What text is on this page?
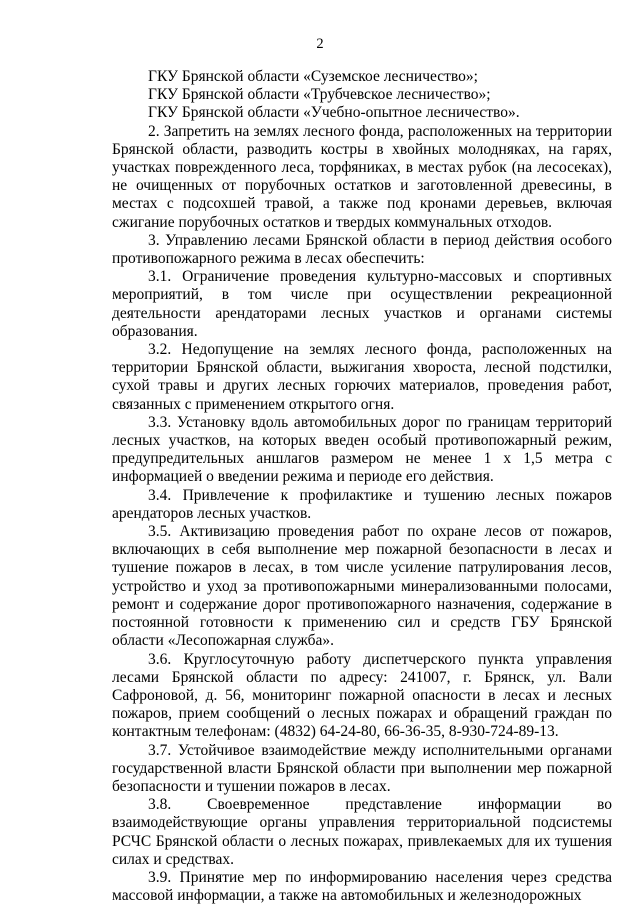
2

ГКУ Брянской области «Суземское лесничество»;

ГКУ Брянской области «Трубчевское лесничество»;

ГКУ Брянской области «Учебно-опытное лесничество».

2. Запретить на землях лесного фонда, расположенных на территории Брянской области, разводить костры в хвойных молодняках, на гарях, участках поврежденного леса, торфяниках, в местах рубок (на лесосеках), не очищенных от порубочных остатков и заготовленной древесины, в местах с подсохшей травой, а также под кронами деревьев, включая сжигание порубочных остатков и твердых коммунальных отходов.

3. Управлению лесами Брянской области в период действия особого противопожарного режима в лесах обеспечить:

3.1. Ограничение проведения культурно-массовых и спортивных мероприятий, в том числе при осуществлении рекреационной деятельности арендаторами лесных участков и органами системы образования.

3.2. Недопущение на землях лесного фонда, расположенных на территории Брянской области, выжигания хвороста, лесной подстилки, сухой травы и других лесных горючих материалов, проведения работ, связанных с применением открытого огня.

3.3. Установку вдоль автомобильных дорог по границам территорий лесных участков, на которых введен особый противопожарный режим, предупредительных аншлагов размером не менее 1 х 1,5 метра с информацией о введении режима и периоде его действия.

3.4. Привлечение к профилактике и тушению лесных пожаров арендаторов лесных участков.

3.5. Активизацию проведения работ по охране лесов от пожаров, включающих в себя выполнение мер пожарной безопасности в лесах и тушение пожаров в лесах, в том числе усиление патрулирования лесов, устройство и уход за противопожарными минерализованными полосами, ремонт и содержание дорог противопожарного назначения, содержание в постоянной готовности к применению сил и средств ГБУ Брянской области «Лесопожарная служба».

3.6. Круглосуточную работу диспетчерского пункта управления лесами Брянской области по адресу: 241007, г. Брянск, ул. Вали Сафроновой, д. 56, мониторинг пожарной опасности в лесах и лесных пожаров, прием сообщений о лесных пожарах и обращений граждан по контактным телефонам: (4832) 64-24-80, 66-36-35, 8-930-724-89-13.

3.7. Устойчивое взаимодействие между исполнительными органами государственной власти Брянской области при выполнении мер пожарной безопасности и тушении пожаров в лесах.

3.8. Своевременное представление информации во взаимодействующие органы управления территориальной подсистемы РСЧС Брянской области о лесных пожарах, привлекаемых для их тушения силах и средствах.

3.9. Принятие мер по информированию населения через средства массовой информации, а также на автомобильных и железнодорожных
